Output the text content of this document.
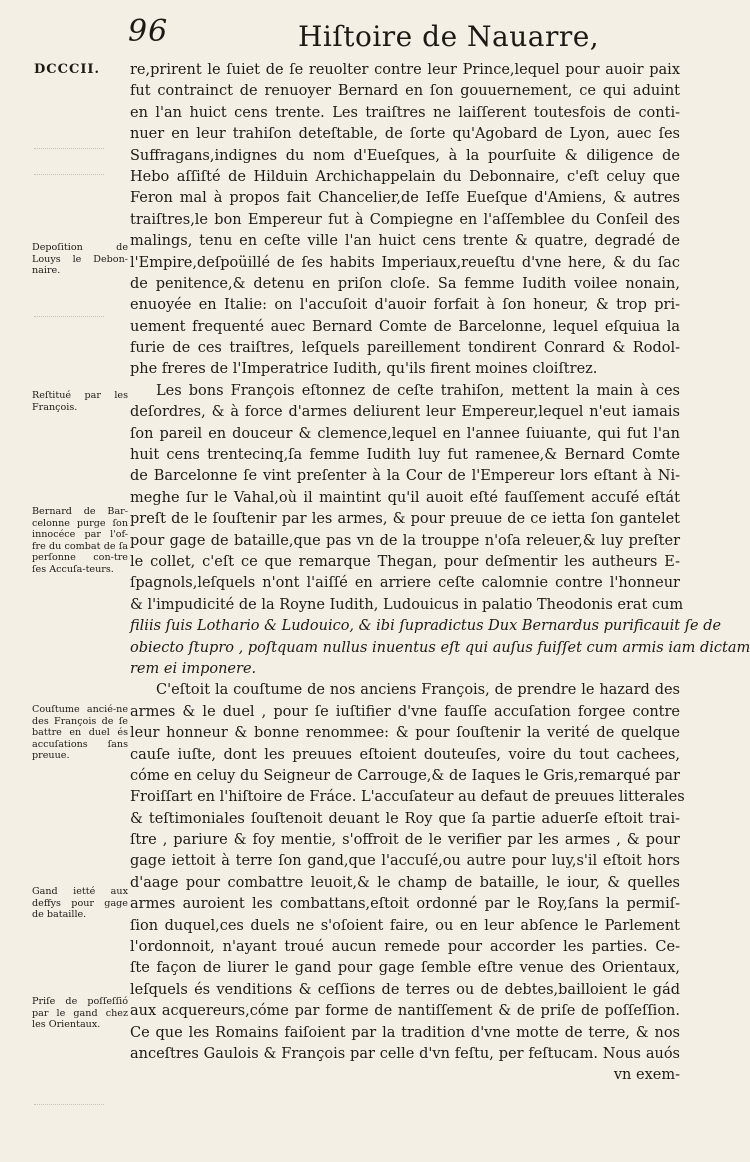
96	Hiſtoire de Nauarre,
DCCCII. re,prirent le ſuiet de ſe reuolter contre leur Prince,lequel pour auoir paix
fut contrainct de renuoyer Bernard en ſon gouuernement, ce qui aduint
en l'an huict cens trente. Les traiſtres ne laiſſerent toutesfois de conti-
nuer en leur trahiſon deteſtable, de ſorte qu'Agobard de Lyon, auec ſes
Suffragans,indignes du nom d'Eueſques, à la pourſuite & diligence de
Hebo aſſiſté de Hilduin Archichappelain du Debonnaire, c'eſt celuy que
Feron mal à propos fait Chancelier,de Ieſſe Eueſque d'Amiens, & autres
traiſtres,le bon Empereur fut à Compiegne en l'aſſemblee du Conſeil des
malings, tenu en ceſte ville l'an huict cens trente & quatre, degradé de
l'Empire,deſpoüillé de ſes habits Imperiaux,reueſtu d'vne here, & du ſac
de penitence,& detenu en priſon cloſe. Sa femme Iudith voilee nonain,
enuoyée en Italie: on l'accuſoit d'auoir forfait à ſon honeur, & trop pri-
uement frequenté auec Bernard Comte de Barcelonne, lequel eſquiua la
furie de ces traiſtres, leſquels pareillement tondirent Conrard & Rodol-
phe freres de l'Imperatrice Iudith, qu'ils firent moines cloiſtrez.
Les bons François eſtonnez de ceſte trahiſon, mettent la main à ces
deſordres, & à force d'armes deliurent leur Empereur,lequel n'eut iamais
ſon pareil en douceur & clemence,lequel en l'annee ſuiuante, qui fut l'an
huit cens trentecinq,ſa femme Iudith luy fut ramenee,& Bernard Comte
de Barcelonne ſe vint preſenter à la Cour de l'Empereur lors eſtant à Ni-
meghe ſur le Vahal,où il maintint qu'il auoit eſté fauſſement accuſé eſtát
preſt de le ſouſtenir par les armes, & pour preuue de ce ietta ſon gantelet
pour gage de bataille,que pas vn de la trouppe n'oſa releuer,& luy preſter
le collet, c'eſt ce que remarque Thegan, pour deſmentir les autheurs E-
ſpagnols,leſquels n'ont l'aiſſé en arriere ceſte calomnie contre l'honneur
& l'impudicité de la Royne Iudith, Ludouicus in palatio Theodonis erat cum
filiis ſuis Lothario & Ludouico, & ibi ſupradictus Dux Bernardus purificauit ſe de
obiecto ſtupro , poſtquam nullus inuentus eſt qui auſus fuiſſet cum armis iam dictam
rem ei imponere.
C'eſtoit la couſtume de nos anciens François, de prendre le hazard des
armes & le duel , pour ſe iuſtifier d'vne fauſſe accuſation forgee contre
leur honneur & bonne renommee: & pour ſouſtenir la verité de quelque
cauſe iuſte, dont les preuues eſtoient douteuſes, voire du tout cachees,
cóme en celuy du Seigneur de Carrouge,& de Iaques le Gris,remarqué par
Froiſſart en l'hiſtoire de Fráce. L'accuſateur au defaut de preuues litterales
& teſtimoniales ſouſtenoit deuant le Roy que ſa partie aduerſe eſtoit trai-
ſtre , pariure & foy mentie, s'offroit de le verifier par les armes , & pour
gage iettoit à terre ſon gand,que l'accuſé,ou autre pour luy,s'il eſtoit hors
d'aage pour combattre leuoit,& le champ de bataille, le iour, & quelles
armes auroient les combattans,eſtoit ordonné par le Roy,ſans la permiſ-
ſion duquel,ces duels ne s'oſoient faire, ou en leur abſence le Parlement
l'ordonnoit, n'ayant troué aucun remede pour accorder les parties. Ce-
ſte façon de liurer le gand pour gage ſemble eſtre venue des Orientaux,
leſquels és venditions & ceſſions de terres ou de debtes,bailloient le gád
aux acquereurs,cóme par forme de nantiſſement & de priſe de poſſeſſion.
Ce que les Romains faiſoient par la tradition d'vne motte de terre, & nos
anceſtres Gaulois & François par celle d'vn feſtu, per feſtucam. Nous auós
vn exem-
Depoſition de Louys le Debon-naire.
Reſtitué par les François.
Bernard de Bar-celonne purge ſon innocéce par l'of-fre du combat de ſa perſonne con-tre ſes Accuſa-teurs.
Couſtume ancié-ne des François de ſe battre en duel és accuſations ſans preuue.
Gand ietté aux deffys pour gage de bataille.
Priſe de poſſeſſió par le gand chez les Orientaux.
